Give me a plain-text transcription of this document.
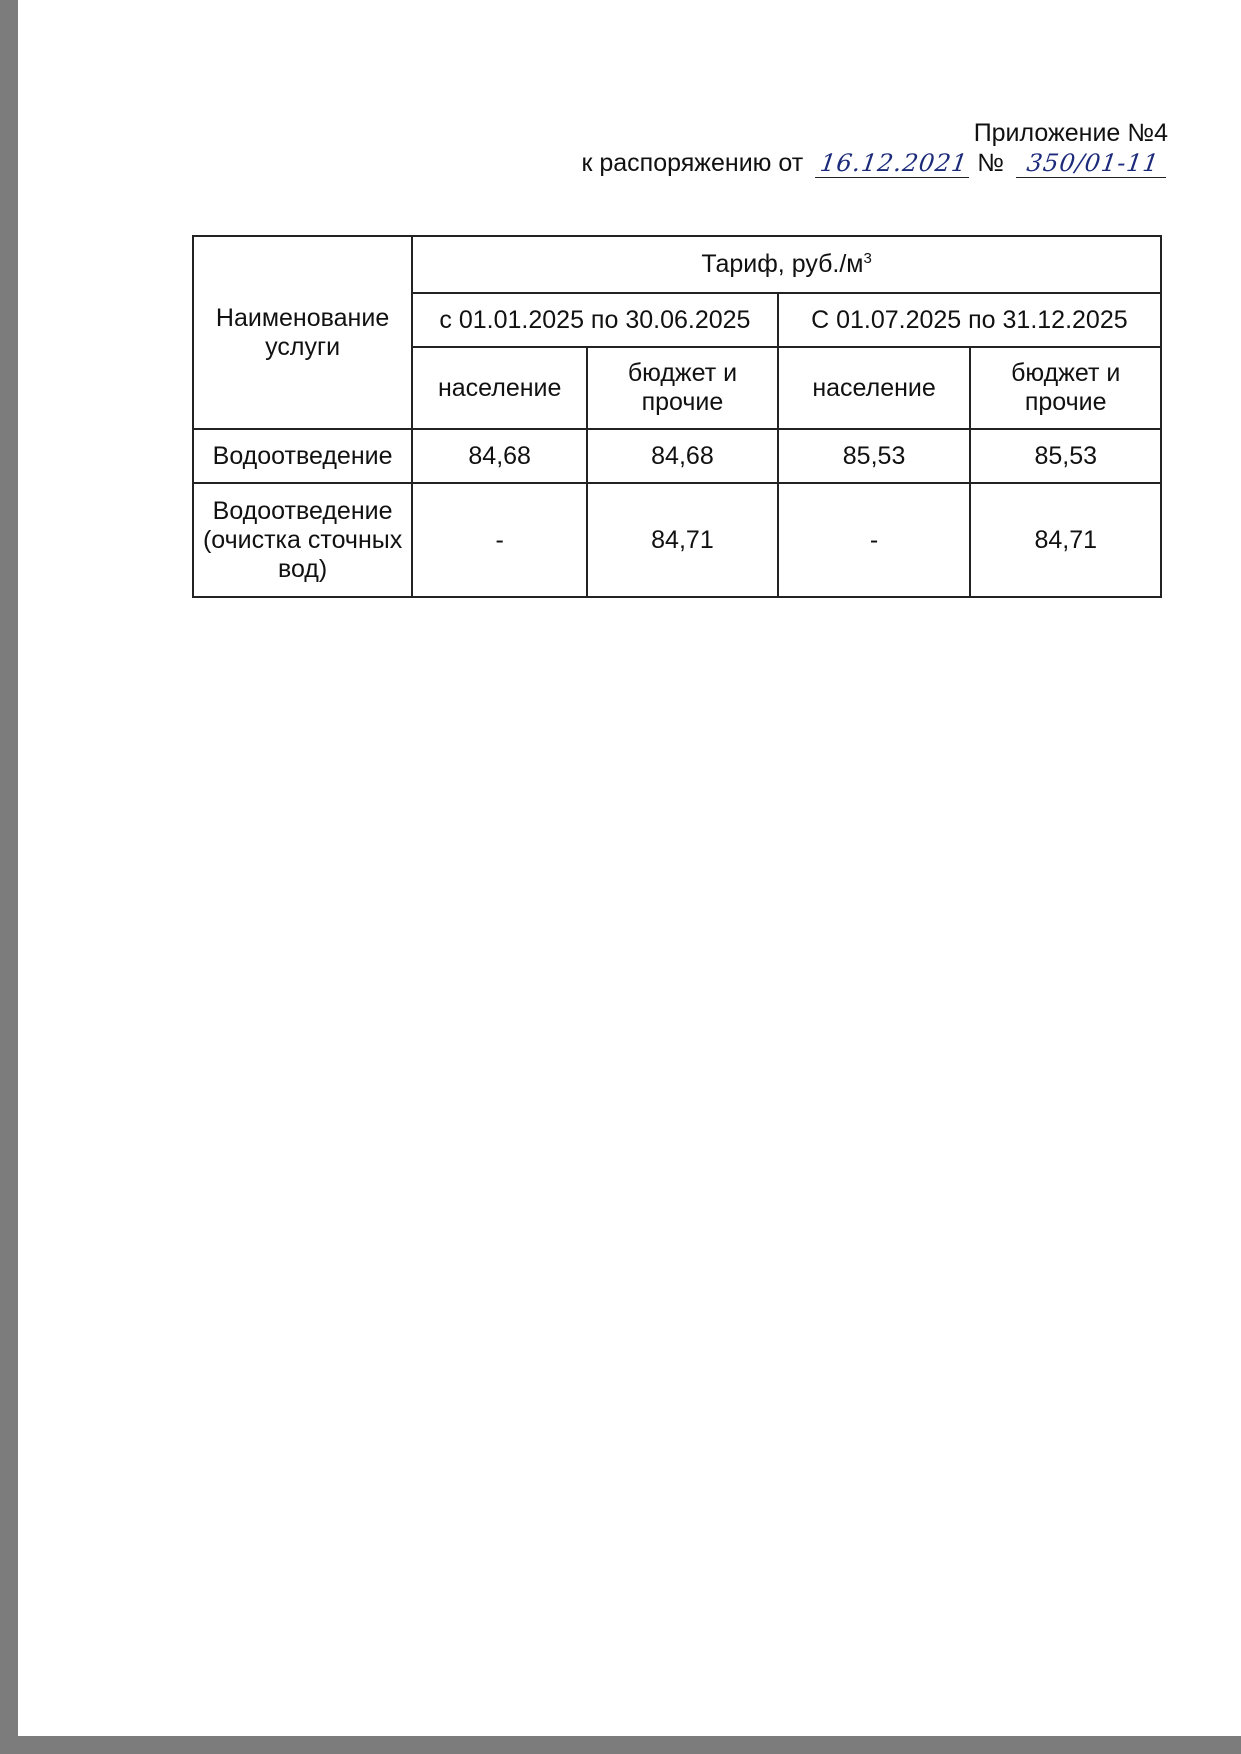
Приложение №4
к распоряжению от 16.12.2021 № 350/01-11
Наименование услуги	Тариф, $руб./м^3$
	с 01.01.2025 по 30.06.2025		С 01.07.2025 по 31.12.2025	
	население	бюджет и прочие	население	бюджет и прочие
Водоотведение	84,68	84,68	85,53	85,53
Водоотведение (очистка сточных вод)	-	84,71	-	84,71
